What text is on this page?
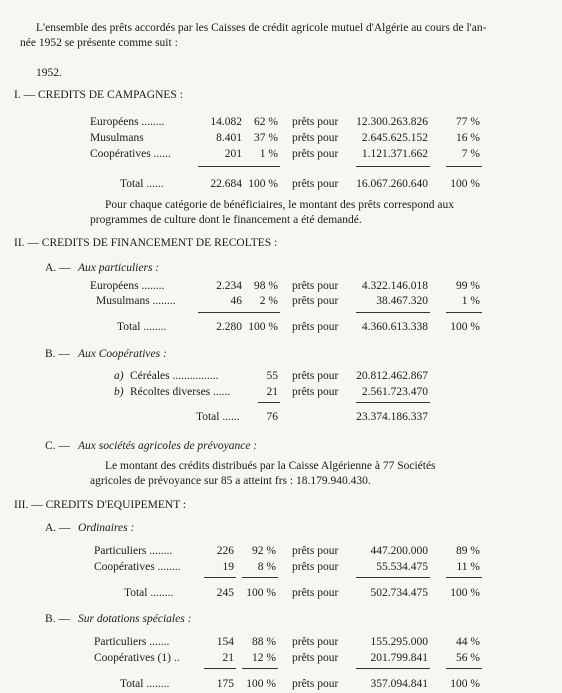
L'ensemble des prêts accordés par les Caisses de crédit agricole mutuel d'Algérie au cours de l'an-
née 1952 se présente comme suit :
1952.
I. — CREDITS DE CAMPAGNES :
Européens ........	14.082	62 % prêts pour	12.300.263.826	77 %
Musulmans	8.401	37 % prêts pour	2.645.625.152	16 %
Coopératives ......	201	1 % prêts pour	1.121.371.662	7 %
Total ......	22.684 100 % prêts pour	16.067.260.640	100 %
Pour chaque catégorie de bénéficiaires, le montant des prêts correspond aux
programmes de culture dont le financement a été demandé.
II. — CREDITS DE FINANCEMENT DE RECOLTES :
A. — Aux particuliers :
Européens ........	2.234	98 % prêts pour	4.322.146.018	99 %
Musulmans ........	46	2 % prêts pour	38.467.320	1 %
Total ........	2.280 100 % prêts pour	4.360.613.338	100 %
B. — Aux Coopératives :
a) Céréales ................	55 prêts pour	20.812.462.867
b) Récoltes diverses ......	21 prêts pour	2.561.723.470
Total ......	76	23.374.186.337
C. — Aux sociétés agricoles de prévoyance :
Le montant des crédits distribués par la Caisse Algérienne à 77 Sociétés
agricoles de prévoyance sur 85 a atteint frs : 18.179.940.430.
III. — CREDITS D'EQUIPEMENT :
A. — Ordinaires :
Particuliers ........	226	92 % prêts pour	447.200.000	89 %
Coopératives ........	19	8 % prêts pour	55.534.475	11 %
Total ........	245	100 % prêts pour	502.734.475	100 %
B. — Sur dotations spéciales :
Particuliers .......	154	88 % prêts pour	155.295.000	44 %
Coopératives (1) ..	21	12 % prêts pour	201.799.841	56 %
Total ........	175	100 % prêts pour	357.094.841	100 %
